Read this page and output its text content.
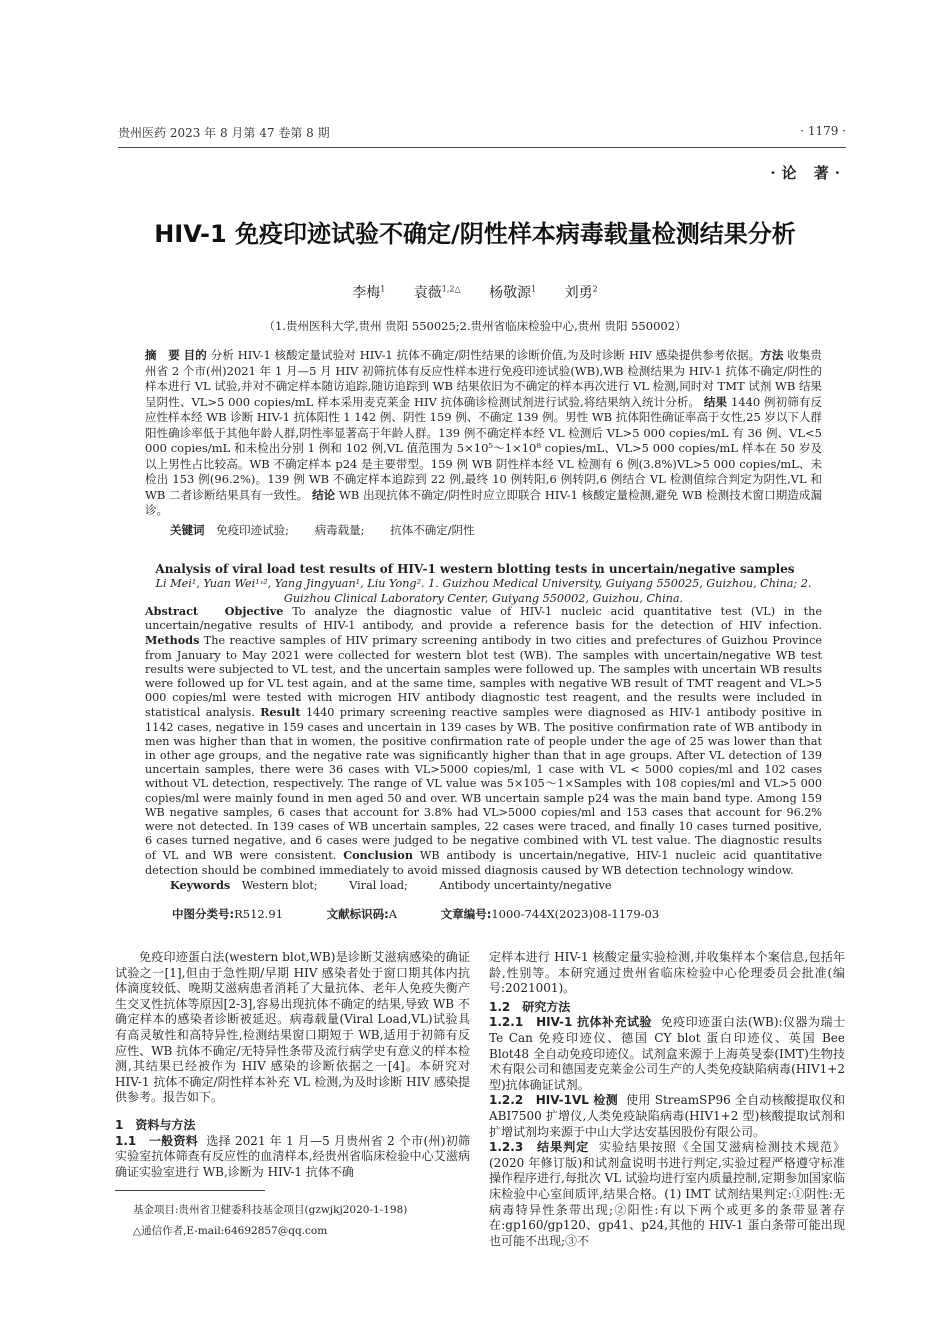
贵州医药 2023 年 8 月第 47 卷第 8 期	· 1179 ·
·论 著·
HIV-1 免疫印迹试验不确定/阴性样本病毒载量检测结果分析
李梅$^1$ 袁薇$^{1,2\triangle}$ 杨敬源$^1$ 刘勇$^2$
（1.贵州医科大学,贵州 贵阳 550025;2.贵州省临床检验中心,贵州 贵阳 550002）
摘　要 目的 分析 HIV-1 核酸定量试验对 HIV-1 抗体不确定/阴性结果的诊断价值,为及时诊断 HIV 感染提供参考依据。方法 收集贵州省 2 个市(州)2021 年 1 月—5 月 HIV 初筛抗体有反应性样本进行免疫印迹试验(WB),WB 检测结果为 HIV-1 抗体不确定/阴性的样本进行 VL 试验,并对不确定样本随访追踪,随访追踪到 WB 结果依旧为不确定的样本再次进行 VL 检测,同时对 TMT 试剂 WB 结果呈阴性、VL>5 000 copies/mL 样本采用麦克莱金 HIV 抗体确诊检测试剂进行试验,将结果纳入统计分析。 结果 1440 例初筛有反应性样本经 WB 诊断 HIV-1 抗体阳性 1 142 例、阴性 159 例、不确定 139 例。男性 WB 抗体阳性确证率高于女性,25 岁以下人群阳性确诊率低于其他年龄人群,阴性率显著高于年龄人群。139 例不确定样本经 VL 检测后 VL>5 000 copies/mL 有 36 例、VL<5 000 copies/mL 和未检出分别 1 例和 102 例,VL 值范围为 5×10⁵～1×10⁸ copies/mL、VL>5 000 copies/mL 样本在 50 岁及以上男性占比较高。WB 不确定样本 p24 是主要带型。159 例 WB 阴性样本经 VL 检测有 6 例(3.8%)VL>5 000 copies/mL、未检出 153 例(96.2%)。139 例 WB 不确定样本追踪到 22 例,最终 10 例转阳,6 例转阴,6 例结合 VL 检测值综合判定为阴性,VL 和 WB 二者诊断结果具有一致性。 结论 WB 出现抗体不确定/阴性时应立即联合 HIV-1 核酸定量检测,避免 WB 检测技术窗口期造成漏诊。
关键词 免疫印迹试验; 病毒载量; 抗体不确定/阴性
Analysis of viral load test results of HIV-1 western blotting tests in uncertain/negative samples
Li Mei¹, Yuan Wei¹˒², Yang Jingyuan¹, Liu Yong². 1. Guizhou Medical University, Guiyang 550025, Guizhou, China; 2. Guizhou Clinical Laboratory Center, Guiyang 550002, Guizhou, China.
Abstract Objective To analyze the diagnostic value of HIV-1 nucleic acid quantitative test (VL) in the uncertain/negative results of HIV-1 antibody, and provide a reference basis for the detection of HIV infection. Methods The reactive samples of HIV primary screening antibody in two cities and prefectures of Guizhou Province from January to May 2021 were collected for western blot test (WB). The samples with uncertain/negative WB test results were subjected to VL test, and the uncertain samples were followed up. The samples with uncertain WB results were followed up for VL test again, and at the same time, samples with negative WB result of TMT reagent and VL>5 000 copies/ml were tested with microgen HIV antibody diagnostic test reagent, and the results were included in statistical analysis. Result 1440 primary screening reactive samples were diagnosed as HIV-1 antibody positive in 1142 cases, negative in 159 cases and uncertain in 139 cases by WB. The positive confirmation rate of WB antibody in men was higher than that in women, the positive confirmation rate of people under the age of 25 was lower than that in other age groups, and the negative rate was significantly higher than that in age groups. After VL detection of 139 uncertain samples, there were 36 cases with VL>5000 copies/ml, 1 case with VL < 5000 copies/ml and 102 cases without VL detection, respectively. The range of VL value was 5×105～1×Samples with 108 copies/ml and VL>5 000 copies/ml were mainly found in men aged 50 and over. WB uncertain sample p24 was the main band type. Among 159 WB negative samples, 6 cases that account for 3.8% had VL>5000 copies/ml and 153 cases that account for 96.2% were not detected. In 139 cases of WB uncertain samples, 22 cases were traced, and finally 10 cases turned positive, 6 cases turned negative, and 6 cases were judged to be negative combined with VL test value. The diagnostic results of VL and WB were consistent. Conclusion WB antibody is uncertain/negative, HIV-1 nucleic acid quantitative detection should be combined immediately to avoid missed diagnosis caused by WB detection technology window.
Keywords Western blot;	Viral load;	Antibody uncertainty/negative
中图分类号:R512.91	文献标识码:A	文章编号:1000-744X(2023)08-1179-03

免疫印迹蛋白法(western blot,WB)是诊断艾滋病感染的确证试验之一[1],但由于急性期/早期 HIV 感染者处于窗口期其体内抗体滴度较低、晚期艾滋病患者消耗了大量抗体、老年人免疫失衡产生交叉性抗体等原因[2-3],容易出现抗体不确定的结果,导致 WB 不确定样本的感染者诊断被延迟。病毒载量(Viral Load,VL)试验具有高灵敏性和高特异性,检测结果窗口期短于 WB,适用于初筛有反应性、WB 抗体不确定/无特异性条带及流行病学史有意义的样本检测,其结果已经被作为 HIV 感染的诊断依据之一[4]。本研究对 HIV-1 抗体不确定/阴性样本补充 VL 检测,为及时诊断 HIV 感染提供参考。报告如下。

1　资料与方法

1.1　一般资料 选择 2021 年 1 月—5 月贵州省 2 个市(州)初筛实验室抗体筛查有反应性的血清样本,经贵州省临床检验中心艾滋病确证实验室进行 WB,诊断为 HIV-1 抗体不确

定样本进行 HIV-1 核酸定量实验检测,并收集样本个案信息,包括年龄,性别等。本研究通过贵州省临床检验中心伦理委员会批准(编号:2021001)。

1.2　研究方法

1.2.1　HIV-1 抗体补充试验 免疫印迹蛋白法(WB):仪器为瑞士 Te Can 免疫印迹仪、德国 CY blot 蛋白印迹仪、英国 Bee Blot48 全自动免疫印迹仪。试剂盒来源于上海英旻泰(IMT)生物技术有限公司和德国麦克莱金公司生产的人类免疫缺陷病毒(HIV1+2 型)抗体确证试剂。

1.2.2　HIV-1VL 检测 使用 StreamSP96 全自动核酸提取仪和 ABI7500 扩增仪,人类免疫缺陷病毒(HIV1+2 型)核酸提取试剂和扩增试剂均来源于中山大学达安基因股份有限公司。

1.2.3　结果判定 实验结果按照《全国艾滋病检测技术规范》(2020 年修订版)和试剂盒说明书进行判定,实验过程严格遵守标准操作程序进行,每批次 VL 试验均进行室内质量控制,定期参加国家临床检验中心室间质评,结果合格。(1) IMT 试剂结果判定:①阴性:无病毒特异性条带出现;②阳性:有以下两个或更多的条带显著存在:gp160/gp120、gp41、p24,其他的 HIV-1 蛋白条带可能出现也可能不出现;③不

基金项目:贵州省卫健委科技基金项目(gzwjkj2020-1-198)
△通信作者,E-mail:64692857@qq.com
